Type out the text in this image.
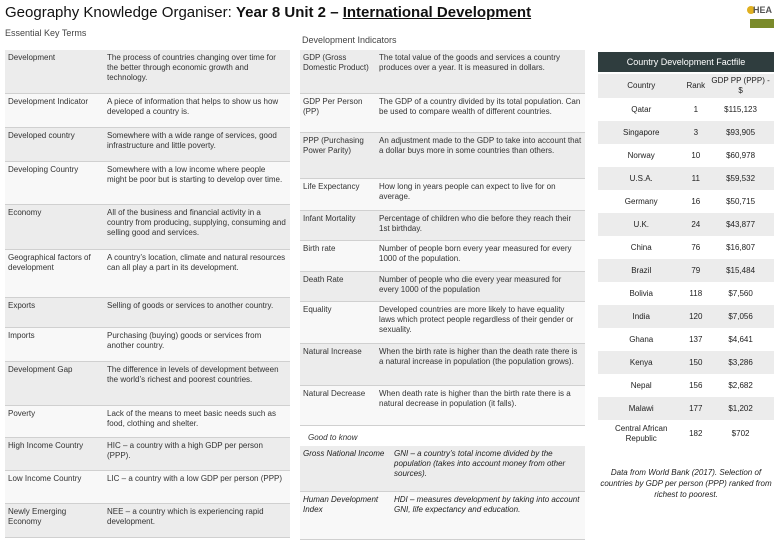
Geography Knowledge Organiser: Year 8 Unit 2 – International Development	HEA
Essential Key Terms
Development Indicators
Development	The process of countries changing over time for the better through economic growth and technology.
Development Indicator	A piece of information that helps to show us how developed a country is.
Developed country	Somewhere with a wide range of services, good infrastructure and little poverty.
Developing Country	Somewhere with a low income where people might be poor but is starting to develop over time.
Economy	All of the business and financial activity in a country from producing, supplying, consuming and selling good and services.
Geographical factors of development	A country’s location, climate and natural resources can all play a part in its development.
Exports	Selling of goods or services to another country.
Imports	Purchasing (buying) goods or services from another country.
Development Gap	The difference in levels of development between the world’s richest and poorest countries.
Poverty	Lack of the means to meet basic needs such as food, clothing and shelter.
High Income Country	HIC – a country with a high GDP per person (PPP).
Low Income Country	LIC – a country with a low GDP per person (PPP)
Newly Emerging Economy	NEE – a country which is experiencing rapid development.
GDP (Gross Domestic Product)	The total value of the goods and services a country produces over a year. It is measured in dollars.
GDP Per Person (PP)	The GDP of a country divided by its total population. Can be used to compare wealth of different countries.
PPP (Purchasing Power Parity)	An adjustment made to the GDP to take into account that a dollar buys more in some countries than others.
Life Expectancy	How long in years people can expect to live for on average.
Infant Mortality	Percentage of children who die before they reach their 1st birthday.
Birth rate	Number of people born every year measured for every 1000 of the population.
Death Rate	Number of people who die every year measured for every 1000 of the population
Equality	Developed countries are more likely to have equality laws which protect people regardless of their gender or sexuality.
Natural Increase	When the birth rate is higher than the death rate there is a natural increase in population (the population grows).
Natural Decrease	When death rate is higher than the birth rate there is a natural decrease in population (it falls).
Good to know
Gross National Income	GNI – a country’s total income divided by the population (takes into account money from other sources).
Human Development Index	HDI – measures development by taking into account GNI, life expectancy and education.
Country Development Factfile
Country	Rank	GDP PP (PPP) - $
Qatar	1	$115,123
Singapore	3	$93,905
Norway	10	$60,978
U.S.A.	11	$59,532
Germany	16	$50,715
U.K.	24	$43,877
China	76	$16,807
Brazil	79	$15,484
Bolivia	118	$7,560
India	120	$7,056
Ghana	137	$4,641
Kenya	150	$3,286
Nepal	156	$2,682
Malawi	177	$1,202
Central African Republic	182	$702
Data from World Bank (2017). Selection of countries by GDP per person (PPP) ranked from richest to poorest.
